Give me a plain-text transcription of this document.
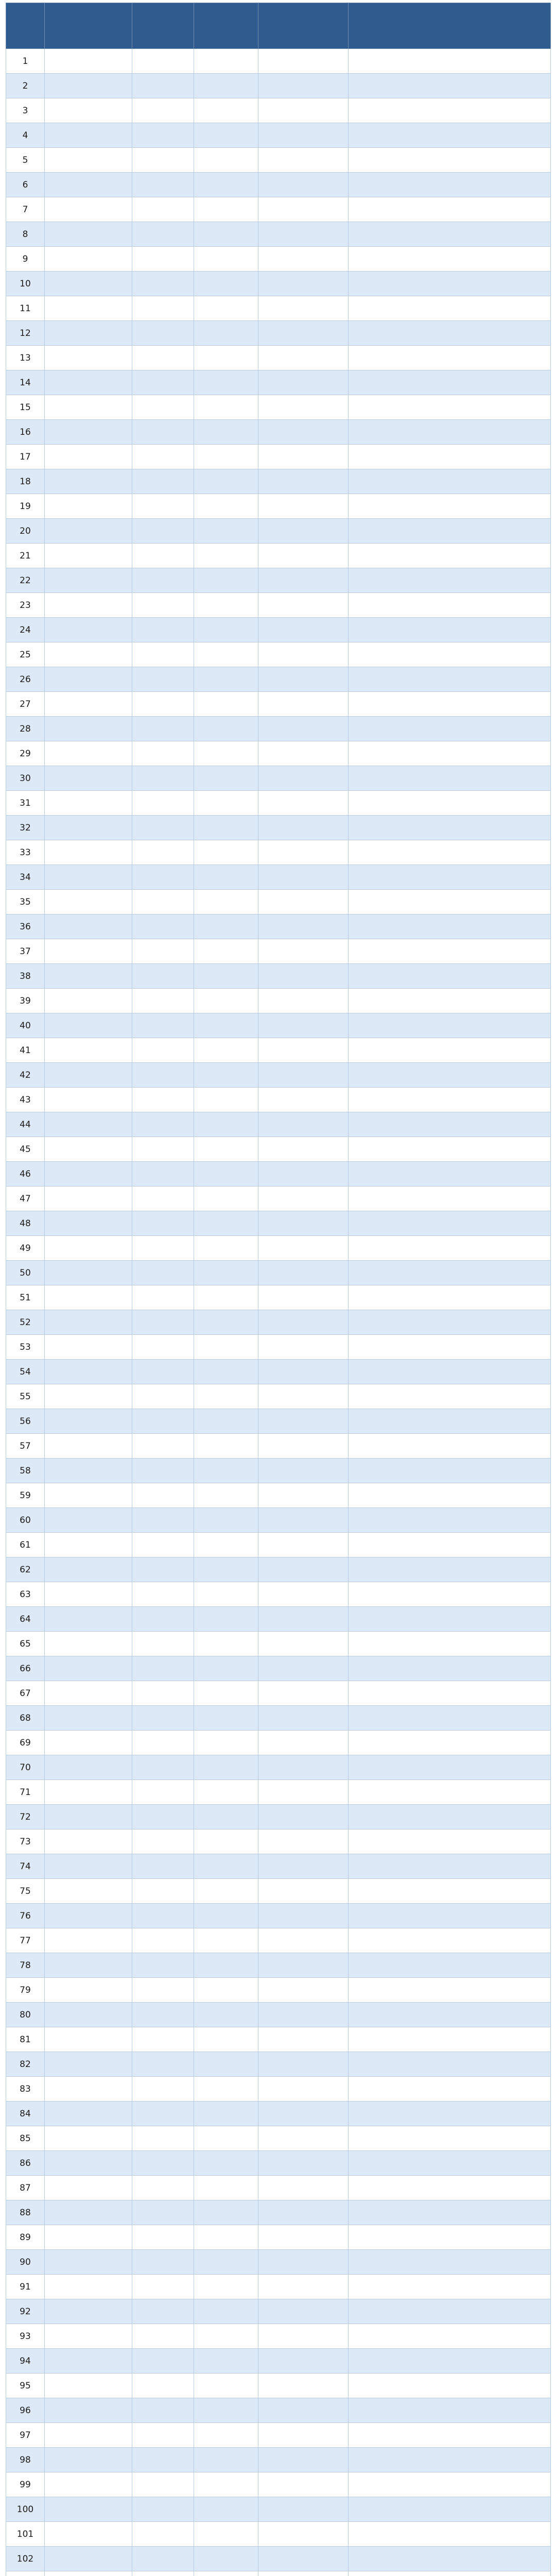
1					
2					
3					
4					
5					
6					
7					
8					
9					
10					
11					
12					
13					
14					
15					
16					
17					
18					
19					
20					
21					
22					
23					
24					
25					
26					
27					
28					
29					
30					
31					
32					
33					
34					
35					
36					
37					
38					
39					
40					
41					
42					
43					
44					
45					
46					
47					
48					
49					
50					
51					
52					
53					
54					
55					
56					
57					
58					
59					
60					
61					
62					
63					
64					
65					
66					
67					
68					
69					
70					
71					
72					
73					
74					
75					
76					
77					
78					
79					
80					
81					
82					
83					
84					
85					
86					
87					
88					
89					
90					
91					
92					
93					
94					
95					
96					
97					
98					
99					
100					
101					
102					
